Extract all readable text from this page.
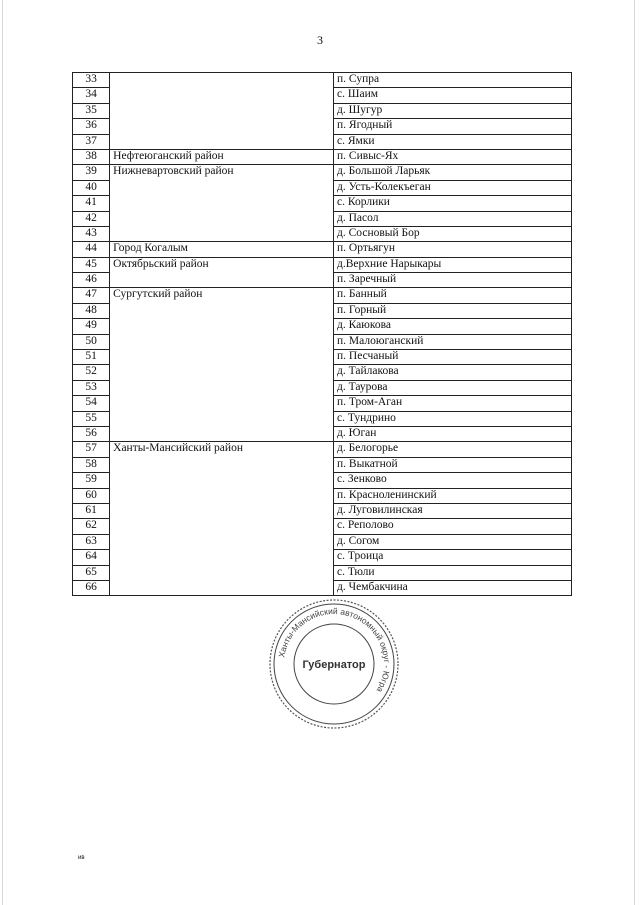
3
33		п. Супра
34		с. Шаим
35		д. Шугур
36		п. Ягодный
37		с. Ямки
38	Нефтеюганский район	п. Сивыс-Ях
39	Нижневартовский район	д. Большой Ларьяк
40		д. Усть-Колекъеган
41		с. Корлики
42		д. Пасол
43		д. Сосновый Бор
44	Город Когалым	п. Ортьягун
45	Октябрьский район	д.Верхние Нарыкары
46		п. Заречный
47	Сургутский район	п. Банный
48		п. Горный
49		д. Каюкова
50		п. Малоюганский
51		п. Песчаный
52		д. Тайлакова
53		д. Таурова
54		п. Тром-Аган
55		с. Тундрино
56		д. Юган
57	Ханты-Мансийский район	д. Белогорье
58		п. Выкатной
59		с. Зенково
60		п. Красноленинский
61		д. Луговилинская
62		с. Реполово
63		д. Согом
64		с. Троица
65		с. Тюли
66		д. Чембакчина
Ханты-Мансийский автономный округ - Югра
Губернатор
ив
